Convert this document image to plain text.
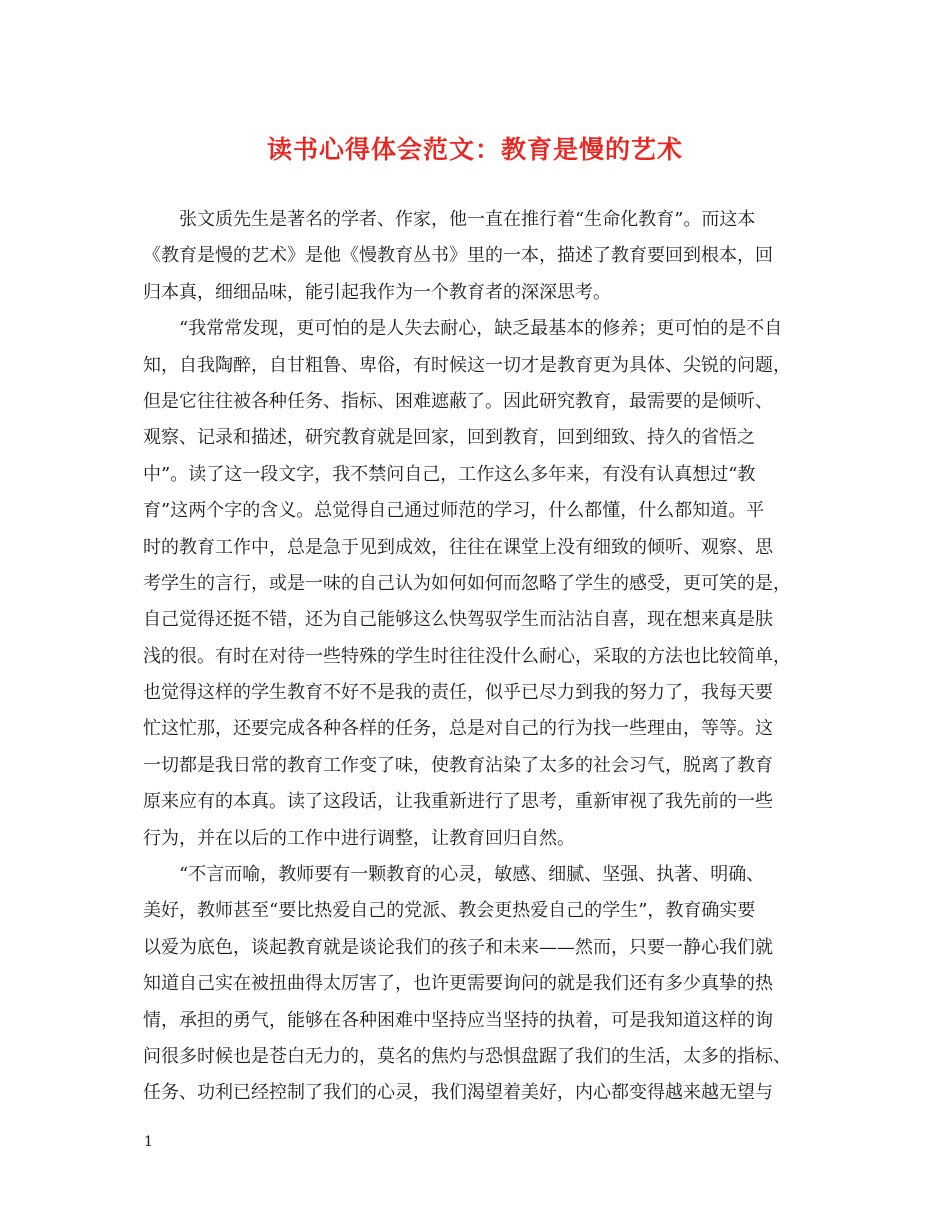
读书心得体会范文：教育是慢的艺术
张文质先生是著名的学者、作家，他一直在推行着“生命化教育”。而这本
《教育是慢的艺术》是他《慢教育丛书》里的一本，描述了教育要回到根本，回
归本真，细细品味，能引起我作为一个教育者的深深思考。
“我常常发现，更可怕的是人失去耐心，缺乏最基本的修养；更可怕的是不自
知，自我陶醉，自甘粗鲁、卑俗，有时候这一切才是教育更为具体、尖锐的问题，
但是它往往被各种任务、指标、困难遮蔽了。因此研究教育，最需要的是倾听、
观察、记录和描述，研究教育就是回家，回到教育，回到细致、持久的省悟之
中”。读了这一段文字，我不禁问自己，工作这么多年来，有没有认真想过“教
育”这两个字的含义。总觉得自己通过师范的学习，什么都懂，什么都知道。平
时的教育工作中，总是急于见到成效，往往在课堂上没有细致的倾听、观察、思
考学生的言行，或是一味的自己认为如何如何而忽略了学生的感受，更可笑的是，
自己觉得还挺不错，还为自己能够这么快驾驭学生而沾沾自喜，现在想来真是肤
浅的很。有时在对待一些特殊的学生时往往没什么耐心，采取的方法也比较简单，
也觉得这样的学生教育不好不是我的责任，似乎已尽力到我的努力了，我每天要
忙这忙那，还要完成各种各样的任务，总是对自己的行为找一些理由，等等。这
一切都是我日常的教育工作变了味，使教育沾染了太多的社会习气，脱离了教育
原来应有的本真。读了这段话，让我重新进行了思考，重新审视了我先前的一些
行为，并在以后的工作中进行调整，让教育回归自然。
“不言而喻，教师要有一颗教育的心灵，敏感、细腻、坚强、执著、明确、
美好，教师甚至“要比热爱自己的党派、教会更热爱自己的学生”，教育确实要
以爱为底色，谈起教育就是谈论我们的孩子和未来——然而，只要一静心我们就
知道自己实在被扭曲得太厉害了，也许更需要询问的就是我们还有多少真挚的热
情，承担的勇气，能够在各种困难中坚持应当坚持的执着，可是我知道这样的询
问很多时候也是苍白无力的，莫名的焦灼与恐惧盘踞了我们的生活，太多的指标、
任务、功利已经控制了我们的心灵，我们渴望着美好，内心都变得越来越无望与
1
